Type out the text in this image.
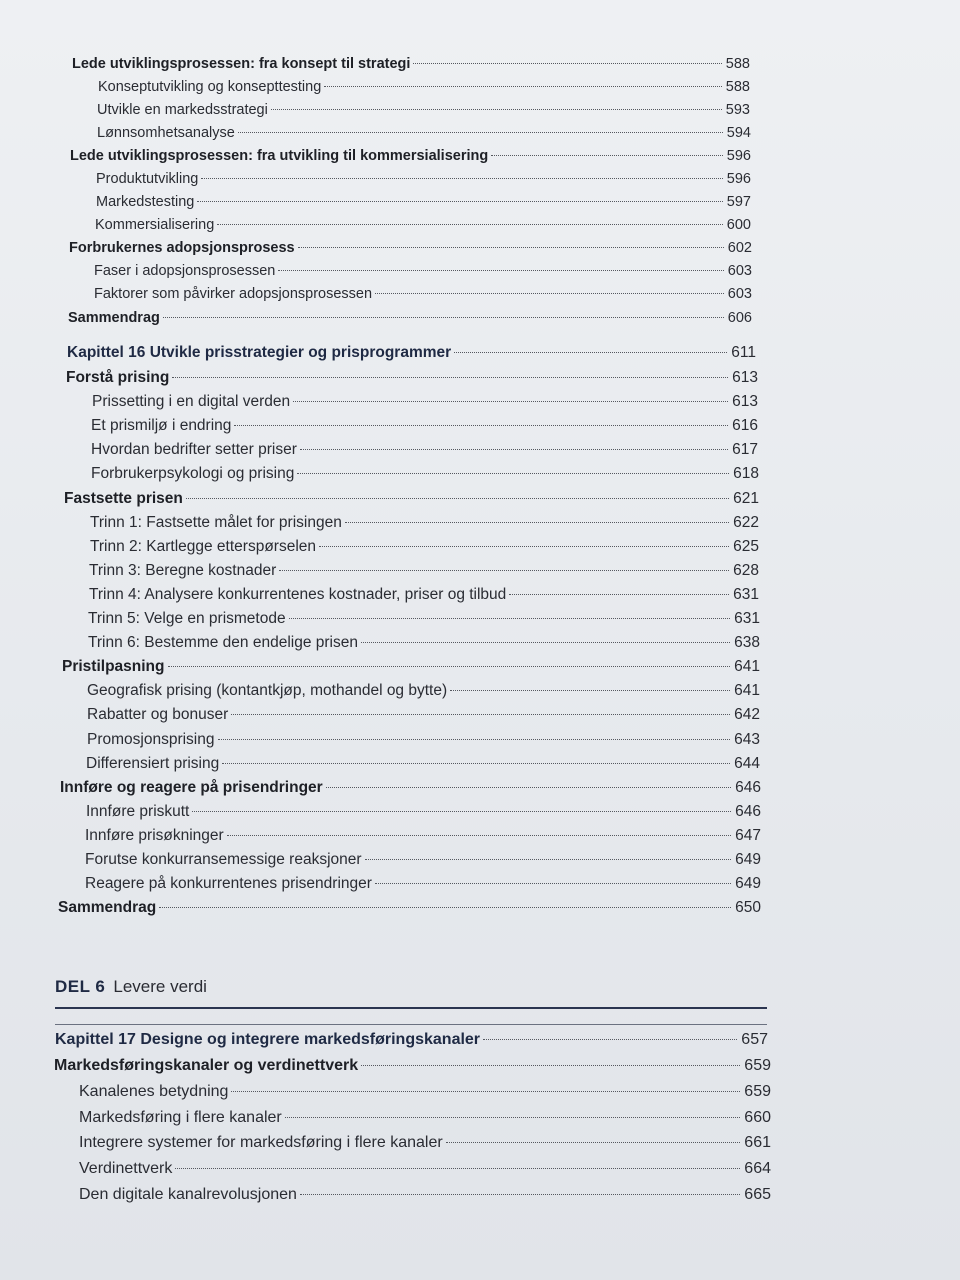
Lede utviklingsprosessen: fra konsept til strategi	588
Konseptutvikling og konsepttesting	588
Utvikle en markedsstrategi	593
Lønnsomhetsanalyse	594
Lede utviklingsprosessen: fra utvikling til kommersialisering	596
Produktutvikling	596
Markedstesting	597
Kommersialisering	600
Forbrukernes adopsjonsprosess	602
Faser i adopsjonsprosessen	603
Faktorer som påvirker adopsjonsprosessen	603
Sammendrag	606
Kapittel 16 Utvikle prisstrategier og prisprogrammer	611
Forstå prising	613
Prissetting i en digital verden	613
Et prismiljø i endring	616
Hvordan bedrifter setter priser	617
Forbrukerpsykologi og prising	618
Fastsette prisen	621
Trinn 1: Fastsette målet for prisingen	622
Trinn 2: Kartlegge etterspørselen	625
Trinn 3: Beregne kostnader	628
Trinn 4: Analysere konkurrentenes kostnader, priser og tilbud	631
Trinn 5: Velge en prismetode	631
Trinn 6: Bestemme den endelige prisen	638
Pristilpasning	641
Geografisk prising (kontantkjøp, mothandel og bytte)	641
Rabatter og bonuser	642
Promosjonsprising	643
Differensiert prising	644
Innføre og reagere på prisendringer	646
Innføre priskutt	646
Innføre prisøkninger	647
Forutse konkurransemessige reaksjoner	649
Reagere på konkurrentenes prisendringer	649
Sammendrag	650
DEL 6 Levere verdi
Kapittel 17 Designe og integrere markedsføringskanaler	657
Markedsføringskanaler og verdinettverk	659
Kanalenes betydning	659
Markedsføring i flere kanaler	660
Integrere systemer for markedsføring i flere kanaler	661
Verdinettverk	664
Den digitale kanalrevolusjonen	665
